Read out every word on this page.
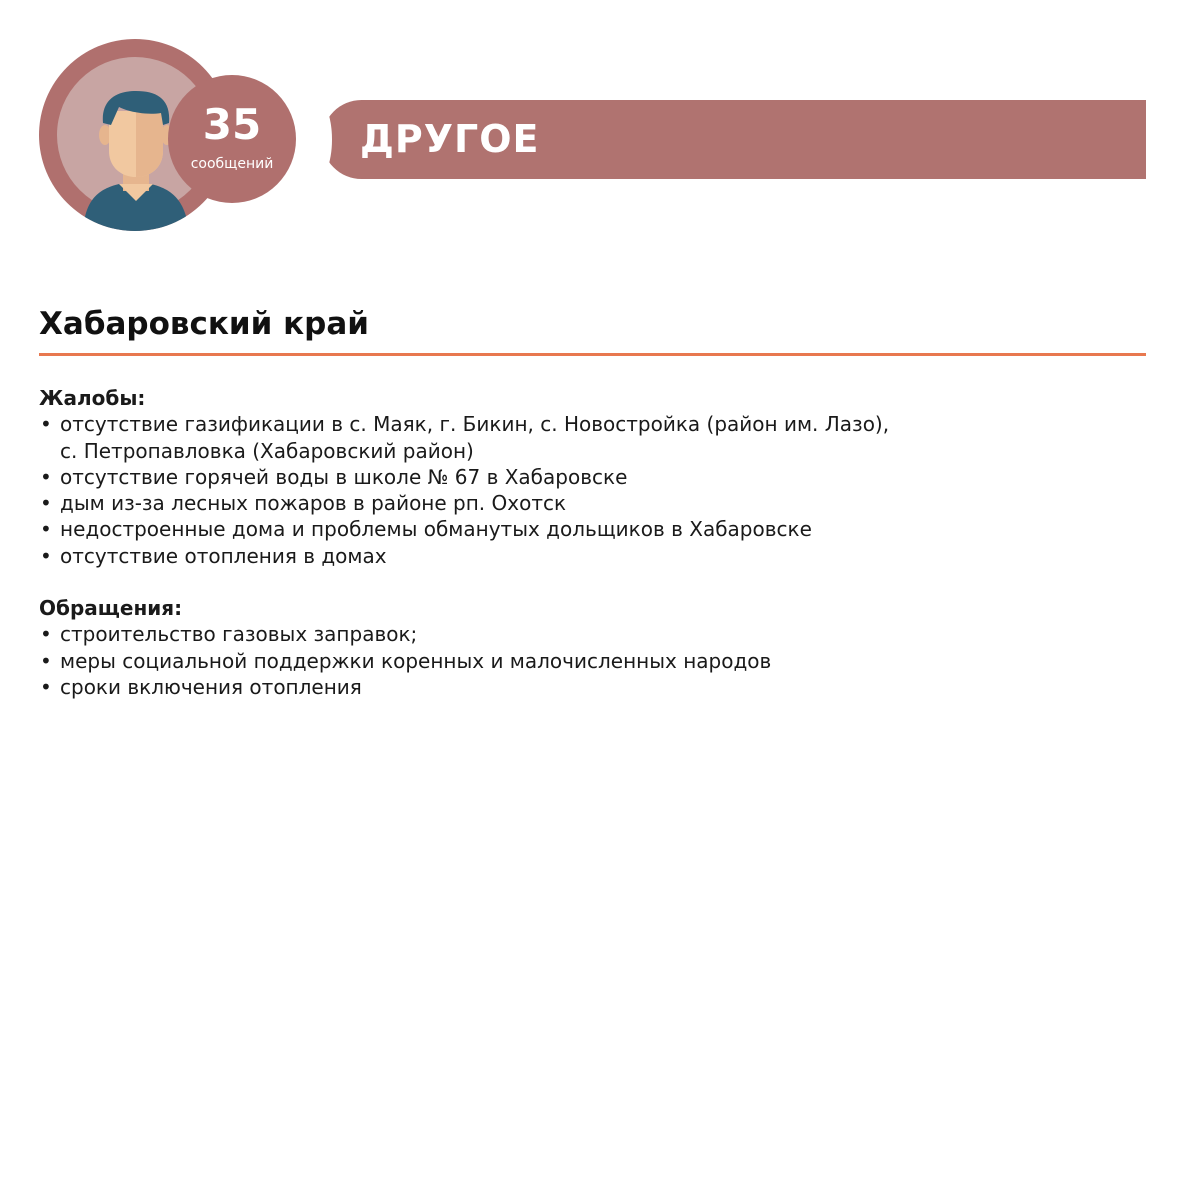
35
сообщений
ДРУГОЕ
Хабаровский край

Жалобы:

• отсутствие газификации в с. Маяк, г. Бикин, с. Новостройка (район им. Лазо), с. Петропавловка (Хабаровский район)
• отсутствие горячей воды в школе № 67 в Хабаровске
• дым из-за лесных пожаров в районе рп. Охотск
• недостроенные дома и проблемы обманутых дольщиков в Хабаровске
• отсутствие отопления в домах

Обращения:

• строительство газовых заправок;
• меры социальной поддержки коренных и малочисленных народов
• сроки включения отопления
